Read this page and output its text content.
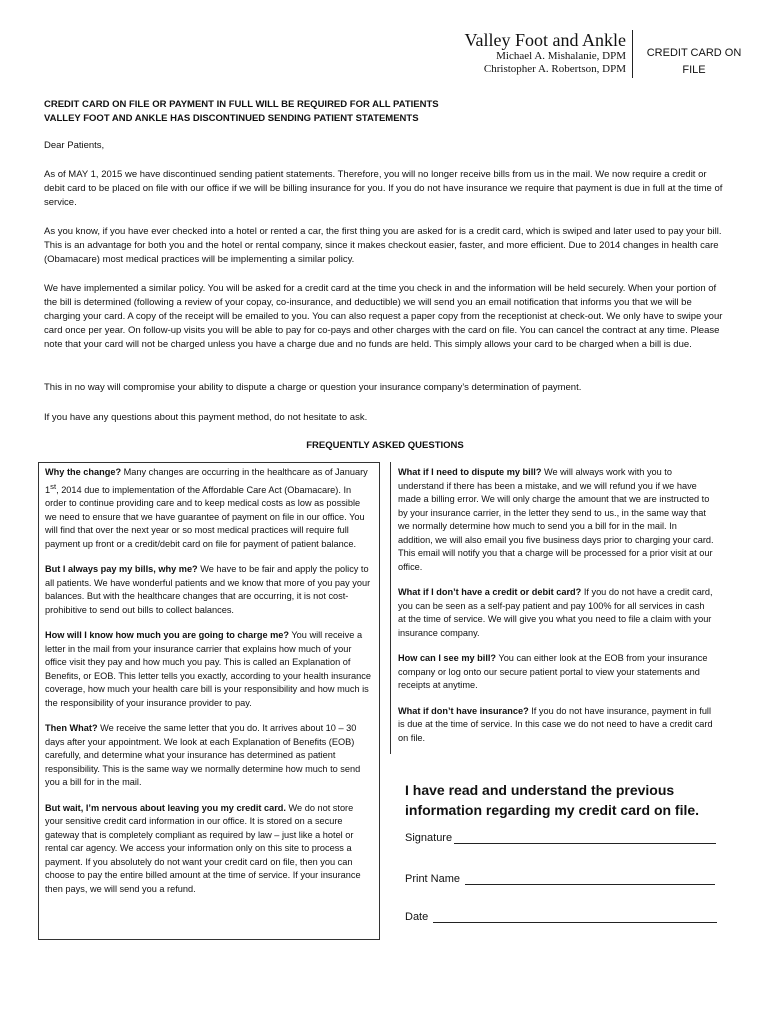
Valley Foot and Ankle
Michael A. Mishalanie, DPM
Christopher A. Robertson, DPM
CREDIT CARD ON
FILE
CREDIT CARD ON FILE OR PAYMENT IN FULL WILL BE REQUIRED FOR ALL PATIENTS
VALLEY FOOT AND ANKLE HAS DISCONTINUED SENDING PATIENT STATEMENTS
Dear Patients,
As of MAY 1, 2015 we have discontinued sending patient statements. Therefore, you will no longer receive bills from us in the mail. We now require a credit or debit card to be placed on file with our office if we will be billing insurance for you. If you do not have insurance we require that payment is due in full at the time of service.
As you know, if you have ever checked into a hotel or rented a car, the first thing you are asked for is a credit card, which is swiped and later used to pay your bill. This is an advantage for both you and the hotel or rental company, since it makes checkout easier, faster, and more efficient. Due to 2014 changes in health care (Obamacare) most medical practices will be implementing a similar policy.
We have implemented a similar policy. You will be asked for a credit card at the time you check in and the information will be held securely. When your portion of the bill is determined (following a review of your copay, co-insurance, and deductible) we will send you an email notification that informs you that we will be charging your card. A copy of the receipt will be emailed to you. You can also request a paper copy from the receptionist at check-out. We only have to swipe your card once per year. On follow-up visits you will be able to pay for co-pays and other charges with the card on file. You can cancel the contract at any time. Please note that your card will not be charged unless you have a charge due and no funds are held. This simply allows your card to be charged when a bill is due.
This in no way will compromise your ability to dispute a charge or question your insurance company’s determination of payment.
If you have any questions about this payment method, do not hesitate to ask.
FREQUENTLY ASKED QUESTIONS
Why the change? Many changes are occurring in the healthcare as of January 1st, 2014 due to implementation of the Affordable Care Act (Obamacare). In order to continue providing care and to keep medical costs as low as possible we need to ensure that we have guarantee of payment on file in our office. You will find that over the next year or so most medical practices will require full payment up front or a credit/debit card on file for payment of patient balance.
But I always pay my bills, why me? We have to be fair and apply the policy to all patients. We have wonderful patients and we know that more of you pay your balances. But with the healthcare changes that are occurring, it is not cost-prohibitive to send out bills to collect balances.
How will I know how much you are going to charge me? You will receive a letter in the mail from your insurance carrier that explains how much of your office visit they pay and how much you pay. This is called an Explanation of Benefits, or EOB. This letter tells you exactly, according to your health insurance coverage, how much your health care bill is your responsibility and how much is the responsibility of your insurance provider to pay.
Then What? We receive the same letter that you do. It arrives about 10 – 30 days after your appointment. We look at each Explanation of Benefits (EOB) carefully, and determine what your insurance has determined as patient responsibility. This is the same way we normally determine how much to send you a bill for in the mail.
But wait, I’m nervous about leaving you my credit card. We do not store your sensitive credit card information in our office. It is stored on a secure gateway that is completely compliant as required by law – just like a hotel or rental car agency. We access your information only on this site to process a payment. If you absolutely do not want your credit card on file, then you can choose to pay the entire billed amount at the time of service. If your insurance then pays, we will send you a refund.
What if I need to dispute my bill? We will always work with you to understand if there has been a mistake, and we will refund you if we have made a billing error. We will only charge the amount that we are instructed to by your insurance carrier, in the letter they send to us., in the same way that we normally determine how much to send you a bill for in the mail. In addition, we will also email you five business days prior to charging your card. This email will notify you that a charge will be processed for a prior visit at our office.
What if I don’t have a credit or debit card? If you do not have a credit card, you can be seen as a self-pay patient and pay 100% for all services in cash at the time of service. We will give you what you need to file a claim with your insurance company.
How can I see my bill? You can either look at the EOB from your insurance company or log onto our secure patient portal to view your statements and receipts at anytime.
What if don’t have insurance? If you do not have insurance, payment in full is due at the time of service. In this case we do not need to have a credit card on file.
I have read and understand the previous information regarding my credit card on file.
Signature
Print Name
Date
